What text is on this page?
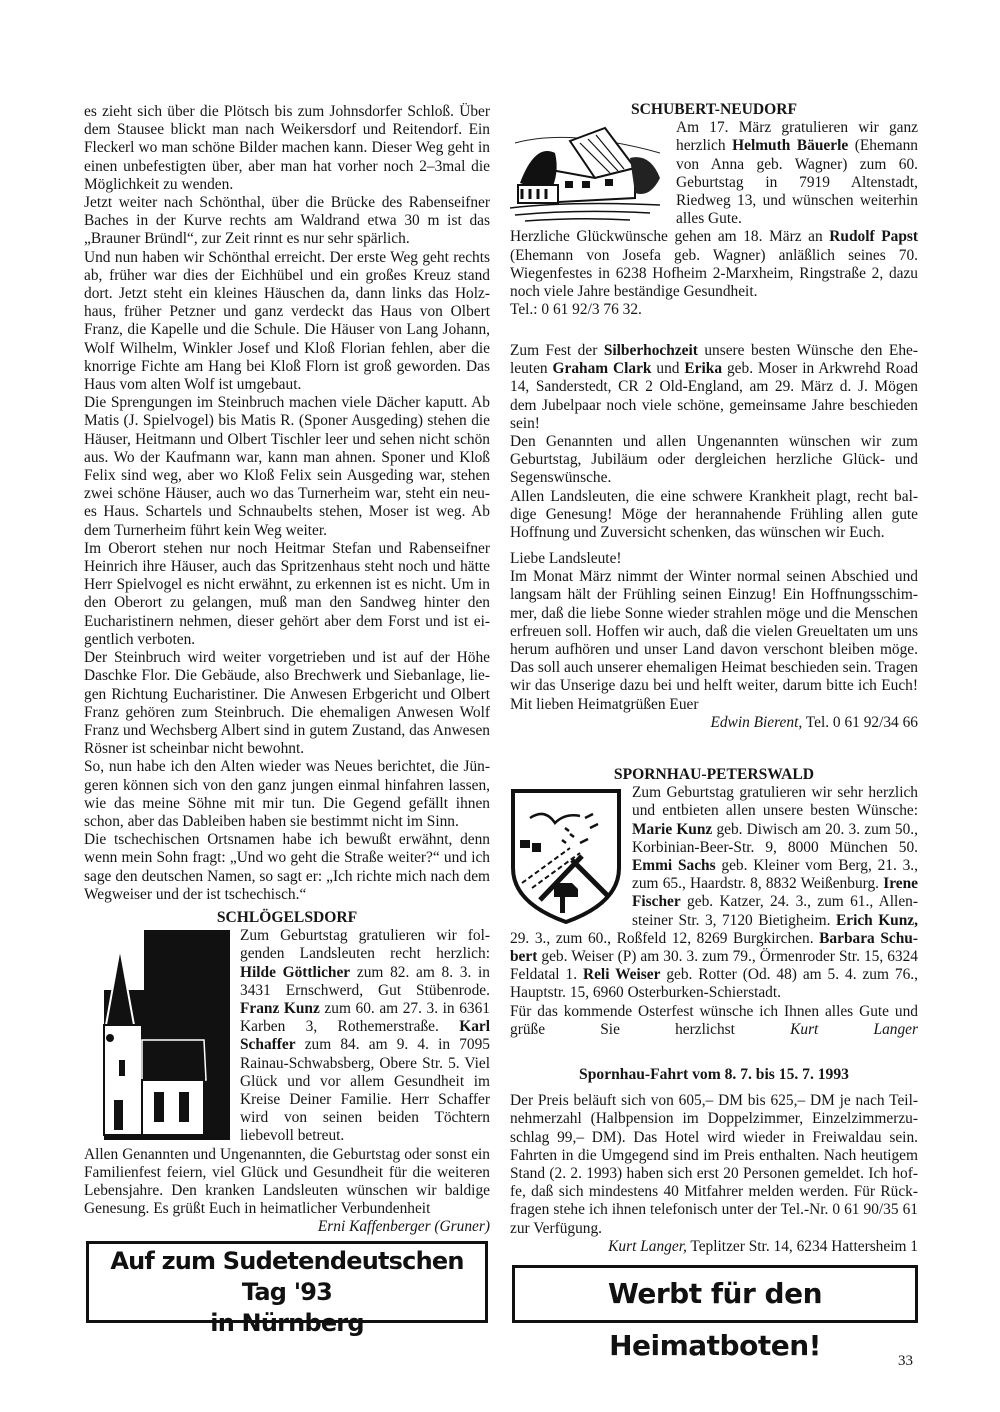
es zieht sich über die Plötsch bis zum Johnsdorfer Schloß. Über dem Stausee blickt man nach Weikersdorf und Reitendorf. Ein Fleckerl wo man schöne Bilder machen kann. Dieser Weg geht in einen unbefestigten über, aber man hat vorher noch 2–3mal die Möglichkeit zu wenden.

Jetzt weiter nach Schönthal, über die Brücke des Rabenseifner Baches in der Kurve rechts am Waldrand etwa 30 m ist das „Brauner Bründl“, zur Zeit rinnt es nur sehr spärlich.

Und nun haben wir Schönthal erreicht. Der erste Weg geht rechts ab, früher war dies der Eichhübel und ein großes Kreuz stand dort. Jetzt steht ein kleines Häuschen da, dann links das Holzhaus, früher Petzner und ganz verdeckt das Haus von Olbert Franz, die Kapelle und die Schule. Die Häuser von Lang Johann, Wolf Wilhelm, Winkler Josef und Kloß Florian fehlen, aber die knorrige Fichte am Hang bei Kloß Florn ist groß geworden. Das Haus vom alten Wolf ist umgebaut.

Die Sprengungen im Steinbruch machen viele Dächer kaputt. Ab Matis (J. Spielvogel) bis Matis R. (Sponer Ausgeding) stehen die Häuser, Heitmann und Olbert Tischler leer und sehen nicht schön aus. Wo der Kaufmann war, kann man ahnen. Sponer und Kloß Felix sind weg, aber wo Kloß Felix sein Ausgeding war, stehen zwei schöne Häuser, auch wo das Turnerheim war, steht ein neues Haus. Schartels und Schnaubelts stehen, Moser ist weg. Ab dem Turnerheim führt kein Weg weiter.

Im Oberort stehen nur noch Heitmar Stefan und Rabenseifner Heinrich ihre Häuser, auch das Spritzenhaus steht noch und hätte Herr Spielvogel es nicht erwähnt, zu erkennen ist es nicht. Um in den Oberort zu gelangen, muß man den Sandweg hinter den Eucharistinern nehmen, dieser gehört aber dem Forst und ist eigentlich verboten.

Der Steinbruch wird weiter vorgetrieben und ist auf der Höhe Daschke Flor. Die Gebäude, also Brechwerk und Siebanlage, liegen Richtung Eucharistiner. Die Anwesen Erbgericht und Olbert Franz gehören zum Steinbruch. Die ehemaligen Anwesen Wolf Franz und Wechsberg Albert sind in gutem Zustand, das Anwesen Rösner ist scheinbar nicht bewohnt.

So, nun habe ich den Alten wieder was Neues berichtet, die Jüngeren können sich von den ganz jungen einmal hinfahren lassen, wie das meine Söhne mit mir tun. Die Gegend gefällt ihnen schon, aber das Dableiben haben sie bestimmt nicht im Sinn.

Die tschechischen Ortsnamen habe ich bewußt erwähnt, denn wenn mein Sohn fragt: „Und wo geht die Straße weiter?“ und ich sage den deutschen Namen, so sagt er: „Ich richte mich nach dem Wegweiser und der ist tschechisch.“

SCHLÖGELSDORF

Zum Geburtstag gratulieren wir folgenden Landsleuten recht herzlich: Hilde Göttlicher zum 82. am 8. 3. in 3431 Ernschwerd, Gut Stübenrode. Franz Kunz zum 60. am 27. 3. in 6361 Karben 3, Rothemerstraße. Karl Schaffer zum 84. am 9. 4. in 7095 Rainau-Schwabsberg, Obere Str. 5. Viel Glück und vor allem Gesundheit im Kreise Deiner Familie. Herr Schaffer wird von seinen beiden Töchtern liebevoll betreut.

Allen Genannten und Ungenannten, die Geburtstag oder sonst ein Familienfest feiern, viel Glück und Gesundheit für die weiteren Lebensjahre. Den kranken Landsleuten wünschen wir baldige Genesung. Es grüßt Euch in heimatlicher Verbundenheit

Erni Kaffenberger (Gruner)

Auf zum Sudetendeutschen Tag '93
in Nürnberg
SCHUBERT-NEUDORF

Am 17. März gratulieren wir ganz herzlich Helmuth Bäuerle (Ehemann von Anna geb. Wagner) zum 60. Geburtstag in 7919 Altenstadt, Riedweg 13, und wünschen weiterhin alles Gute.

Herzliche Glückwünsche gehen am 18. März an Rudolf Papst (Ehemann von Josefa geb. Wagner) anläßlich seines 70. Wiegenfestes in 6238 Hofheim 2-Marxheim, Ringstraße 2, dazu noch viele Jahre beständige Gesundheit.

Tel.: 0 61 92/3 76 32.

Zum Fest der Silberhochzeit unsere besten Wünsche den Eheleuten Graham Clark und Erika geb. Moser in Arkwrehd Road 14, Sanderstedt, CR 2 Old-England, am 29. März d. J. Mögen dem Jubelpaar noch viele schöne, gemeinsame Jahre beschieden sein!

Den Genannten und allen Ungenannten wünschen wir zum Geburtstag, Jubiläum oder dergleichen herzliche Glück- und Segenswünsche.

Allen Landsleuten, die eine schwere Krankheit plagt, recht baldige Genesung! Möge der herannahende Frühling allen gute Hoffnung und Zuversicht schenken, das wünschen wir Euch.

Liebe Landsleute!

Im Monat März nimmt der Winter normal seinen Abschied und langsam hält der Frühling seinen Einzug! Ein Hoffnungsschimmer, daß die liebe Sonne wieder strahlen möge und die Menschen erfreuen soll. Hoffen wir auch, daß die vielen Greueltaten um uns herum aufhören und unser Land davon verschont bleiben möge. Das soll auch unserer ehemaligen Heimat beschieden sein. Tragen wir das Unserige dazu bei und helft weiter, darum bitte ich Euch! Mit lieben Heimatgrüßen Euer

Edwin Bierent, Tel. 0 61 92/34 66

SPORNHAU-PETERSWALD

Zum Geburtstag gratulieren wir sehr herzlich und entbieten allen unsere besten Wünsche: Marie Kunz geb. Diwisch am 20. 3. zum 50., Korbinian-Beer-Str. 9, 8000 München 50. Emmi Sachs geb. Kleiner vom Berg, 21. 3., zum 65., Haardstr. 8, 8832 Weißenburg. Irene Fischer geb. Katzer, 24. 3., zum 61., Allensteiner Str. 3, 7120 Bietigheim. Erich Kunz, 29. 3., zum 60., Roßfeld 12, 8269 Burgkirchen. Barbara Schubert geb. Weiser (P) am 30. 3. zum 79., Örmenroder Str. 15, 6324 Feldatal 1. Reli Weiser geb. Rotter (Od. 48) am 5. 4. zum 76., Hauptstr. 15, 6960 Osterburken-Schierstadt.

Für das kommende Osterfest wünsche ich Ihnen alles Gute und grüße Sie herzlichst	Kurt Langer

Spornhau-Fahrt vom 8. 7. bis 15. 7. 1993

Der Preis beläuft sich von 605,– DM bis 625,– DM je nach Teilnehmerzahl (Halbpension im Doppelzimmer, Einzelzimmerzuschlag 99,– DM). Das Hotel wird wieder in Freiwaldau sein. Fahrten in die Umgegend sind im Preis enthalten. Nach heutigem Stand (2. 2. 1993) haben sich erst 20 Personen gemeldet. Ich hoffe, daß sich mindestens 40 Mitfahrer melden werden. Für Rückfragen stehe ich ihnen telefonisch unter der Tel.-Nr. 0 61 90/35 61 zur Verfügung.

Kurt Langer, Teplitzer Str. 14, 6234 Hattersheim 1

Werbt für den Heimatboten!	33
